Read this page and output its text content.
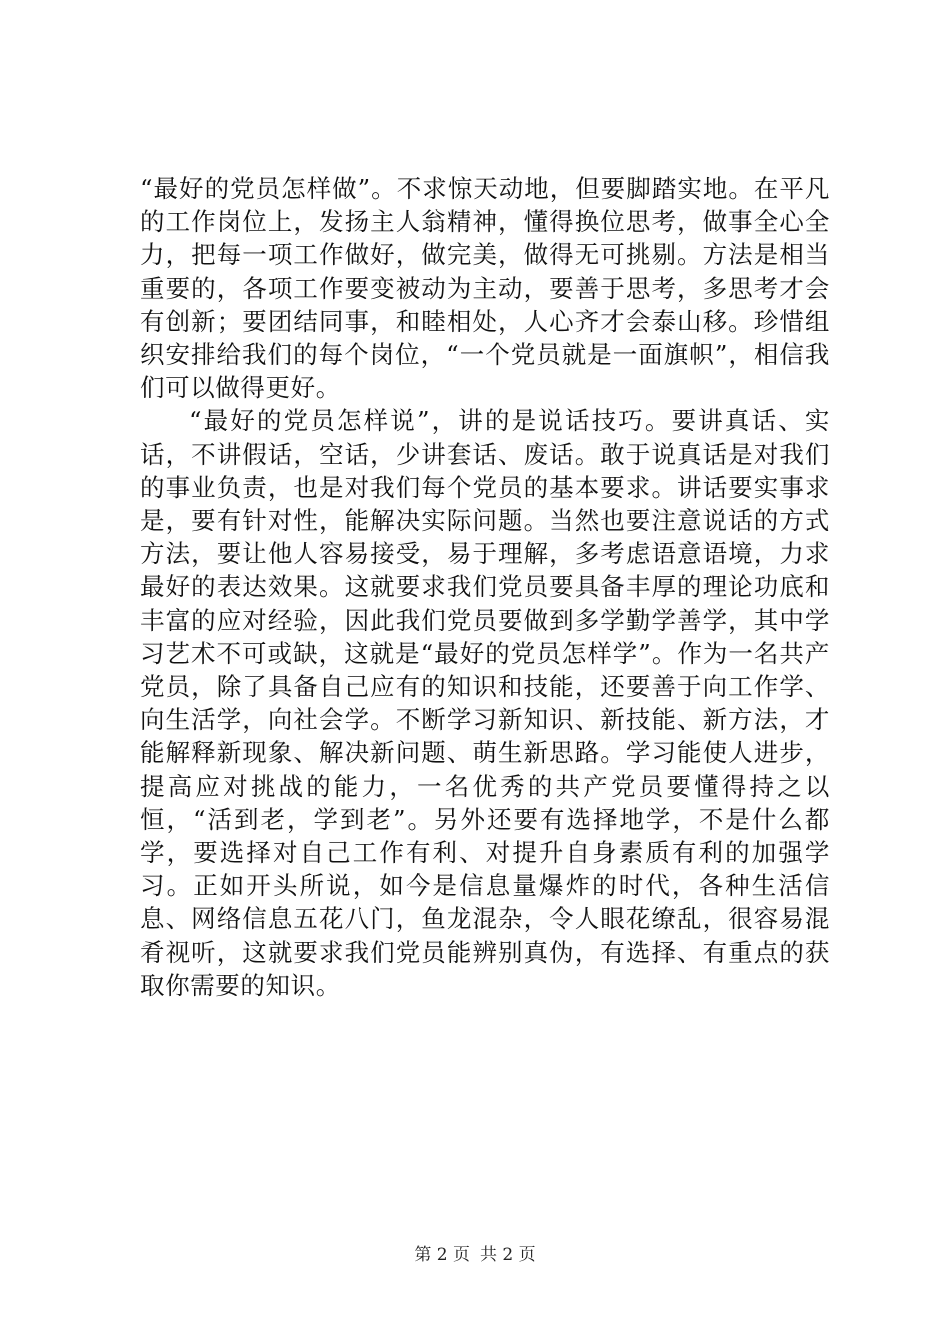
“最好的党员怎样做”。不求惊天动地，但要脚踏实地。在平凡的工作岗位上，发扬主人翁精神，懂得换位思考，做事全心全力，把每一项工作做好，做完美，做得无可挑剔。方法是相当重要的，各项工作要变被动为主动，要善于思考，多思考才会有创新；要团结同事，和睦相处，人心齐才会泰山移。珍惜组织安排给我们的每个岗位，“一个党员就是一面旗帜”，相信我们可以做得更好。

“最好的党员怎样说”，讲的是说话技巧。要讲真话、实话，不讲假话，空话，少讲套话、废话。敢于说真话是对我们的事业负责，也是对我们每个党员的基本要求。讲话要实事求是，要有针对性，能解决实际问题。当然也要注意说话的方式方法，要让他人容易接受，易于理解，多考虑语意语境，力求最好的表达效果。这就要求我们党员要具备丰厚的理论功底和丰富的应对经验，因此我们党员要做到多学勤学善学，其中学习艺术不可或缺，这就是“最好的党员怎样学”。作为一名共产党员，除了具备自己应有的知识和技能，还要善于向工作学、向生活学，向社会学。不断学习新知识、新技能、新方法，才能解释新现象、解决新问题、萌生新思路。学习能使人进步，提高应对挑战的能力，一名优秀的共产党员要懂得持之以恒，“活到老，学到老”。另外还要有选择地学，不是什么都学，要选择对自己工作有利、对提升自身素质有利的加强学习。正如开头所说，如今是信息量爆炸的时代，各种生活信息、网络信息五花八门，鱼龙混杂，令人眼花缭乱，很容易混肴视听，这就要求我们党员能辨别真伪，有选择、有重点的获取你需要的知识。

第 2 页 共 2 页
